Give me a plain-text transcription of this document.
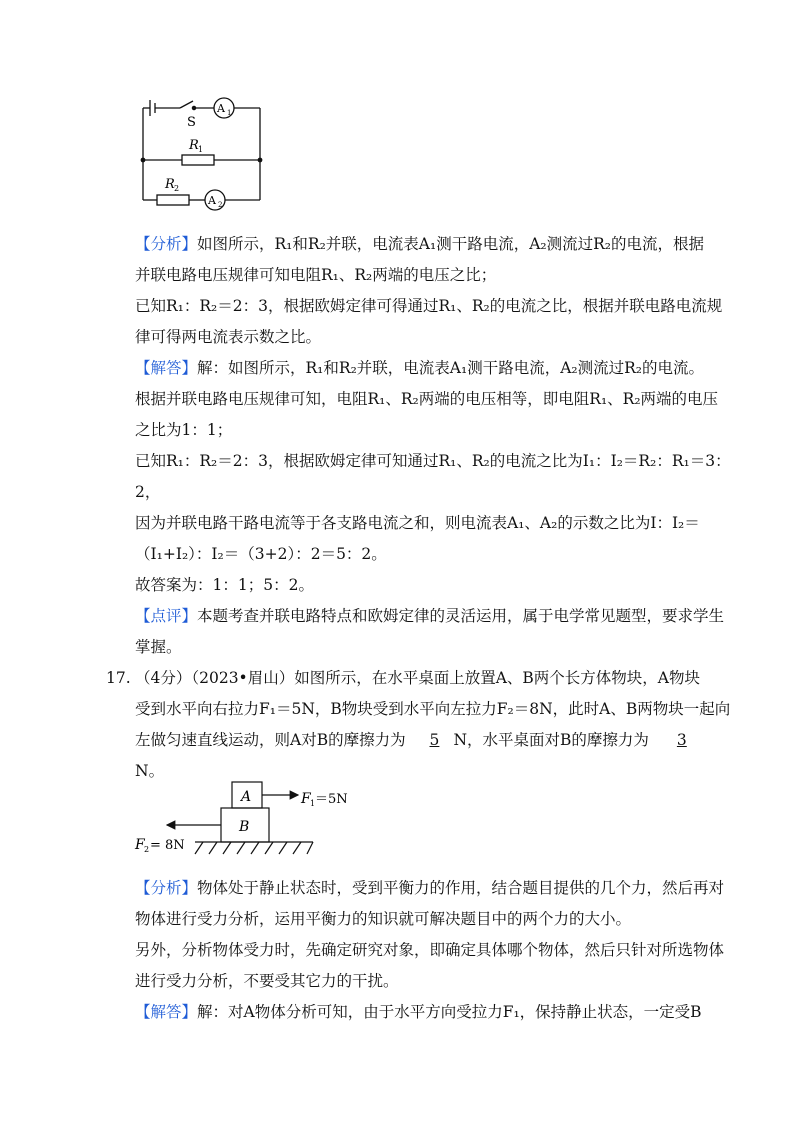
S
A 1
A 2
R 1
R 2
【分析】如图所示，R₁和R₂并联，电流表A₁测干路电流，A₂测流过R₂的电流，根据
并联电路电压规律可知电阻R₁、R₂两端的电压之比；
已知R₁：R₂＝2：3，根据欧姆定律可得通过R₁、R₂的电流之比，根据并联电路电流规
律可得两电流表示数之比。
【解答】解：如图所示，R₁和R₂并联，电流表A₁测干路电流，A₂测流过R₂的电流。
根据并联电路电压规律可知，电阻R₁、R₂两端的电压相等，即电阻R₁、R₂两端的电压
之比为1：1；
已知R₁：R₂＝2：3，根据欧姆定律可知通过R₁、R₂的电流之比为I₁：I₂＝R₂：R₁＝3：
2，
因为并联电路干路电流等于各支路电流之和，则电流表A₁、A₂的示数之比为I：I₂＝
（I₁+I₂）：I₂＝（3+2）：2＝5：2。
故答案为：1：1；5：2。
【点评】本题考查并联电路特点和欧姆定律的灵活运用，属于电学常见题型，要求学生
掌握。
17. （4分）（2023•眉山）如图所示，在水平桌面上放置A、B两个长方体物块，A物块
受到水平向右拉力F₁＝5N，B物块受到水平向左拉力F₂＝8N，此时A、B两物块一起向
左做匀速直线运动，则A对B的摩擦力为 5 N，水平桌面对B的摩擦力为 3
N。
A
B
F 1 ＝5N
F 2 = 8N
【分析】物体处于静止状态时，受到平衡力的作用，结合题目提供的几个力，然后再对
物体进行受力分析，运用平衡力的知识就可解决题目中的两个力的大小。
另外，分析物体受力时，先确定研究对象，即确定具体哪个物体，然后只针对所选物体
进行受力分析，不要受其它力的干扰。
【解答】解：对A物体分析可知，由于水平方向受拉力F₁，保持静止状态，一定受B
